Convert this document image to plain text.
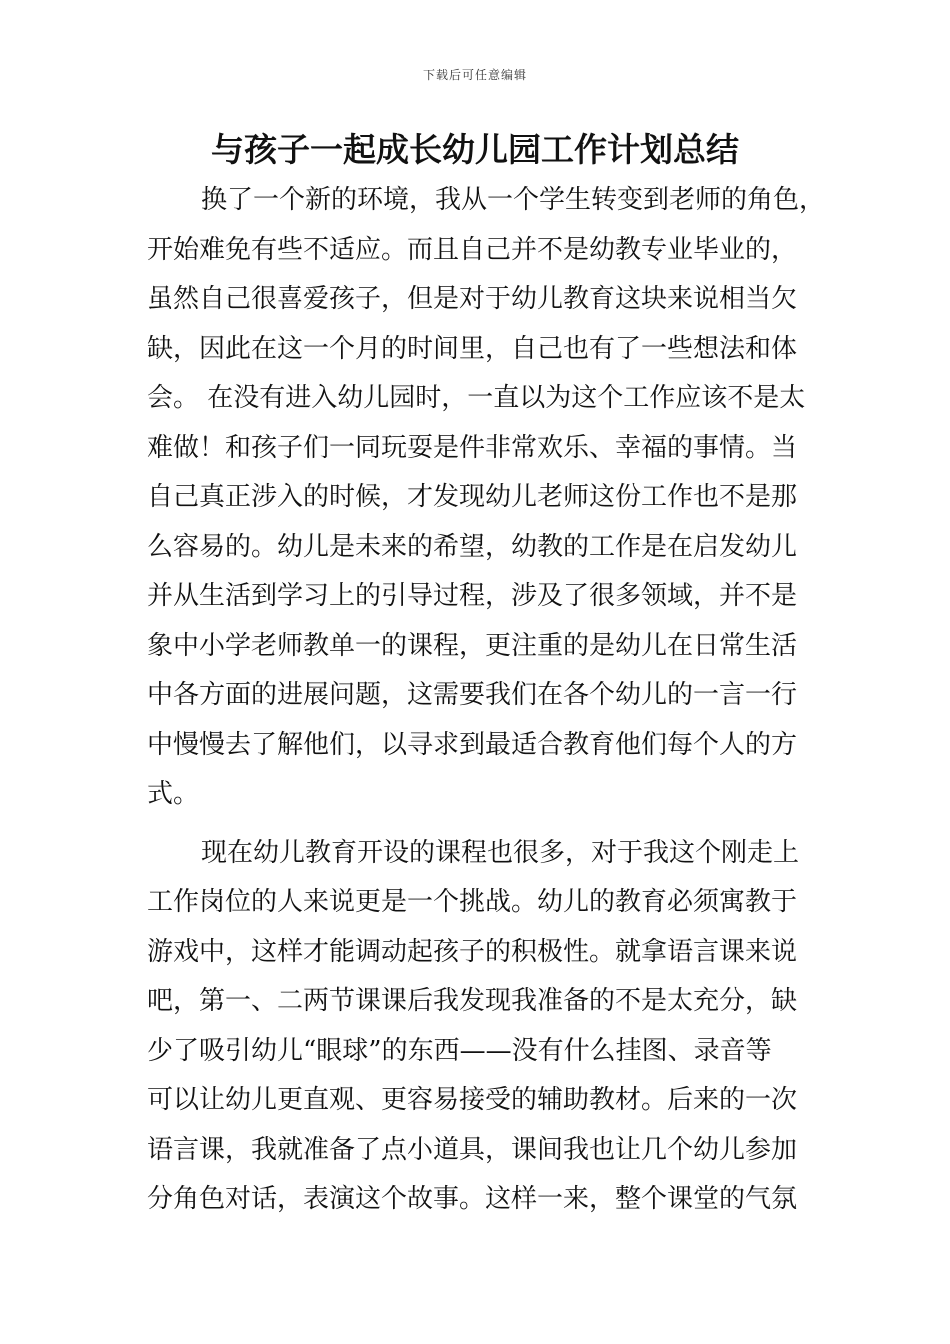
下载后可任意编辑
与孩子一起成长幼儿园工作计划总结

换了一个新的环境，我从一个学生转变到老师的角色，
开始难免有些不适应。而且自己并不是幼教专业毕业的，
虽然自己很喜爱孩子，但是对于幼儿教育这块来说相当欠
缺，因此在这一个月的时间里，自己也有了一些想法和体
会。 在没有进入幼儿园时，一直以为这个工作应该不是太
难做！和孩子们一同玩耍是件非常欢乐、幸福的事情。当
自己真正涉入的时候，才发现幼儿老师这份工作也不是那
么容易的。幼儿是未来的希望，幼教的工作是在启发幼儿
并从生活到学习上的引导过程，涉及了很多领域，并不是
象中小学老师教单一的课程，更注重的是幼儿在日常生活
中各方面的进展问题，这需要我们在各个幼儿的一言一行
中慢慢去了解他们，以寻求到最适合教育他们每个人的方
式。

现在幼儿教育开设的课程也很多，对于我这个刚走上
工作岗位的人来说更是一个挑战。幼儿的教育必须寓教于
游戏中，这样才能调动起孩子的积极性。就拿语言课来说
吧，第一、二两节课课后我发现我准备的不是太充分，缺
少了吸引幼儿“眼球”的东西——没有什么挂图、录音等
可以让幼儿更直观、更容易接受的辅助教材。后来的一次
语言课，我就准备了点小道具，课间我也让几个幼儿参加
分角色对话，表演这个故事。这样一来，整个课堂的气氛
